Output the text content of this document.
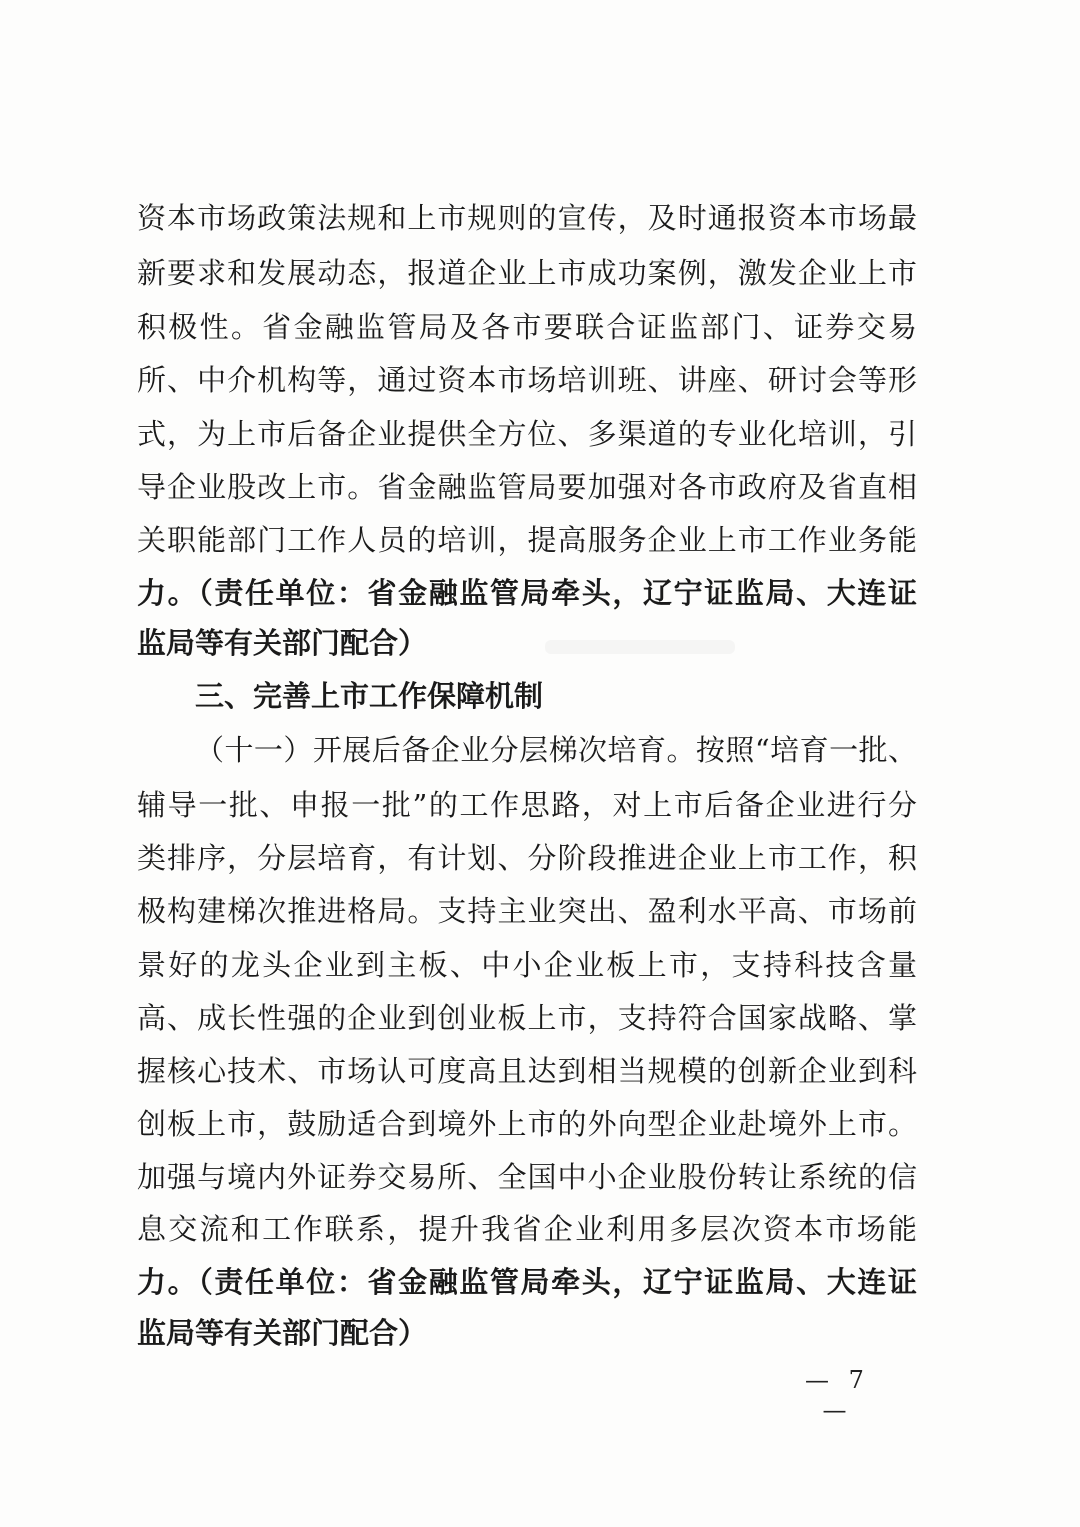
资本市场政策法规和上市规则的宣传，及时通报资本市场最
新要求和发展动态，报道企业上市成功案例，激发企业上市
积极性。省金融监管局及各市要联合证监部门、证券交易
所、中介机构等，通过资本市场培训班、讲座、研讨会等形
式，为上市后备企业提供全方位、多渠道的专业化培训，引
导企业股改上市。省金融监管局要加强对各市政府及省直相
关职能部门工作人员的培训，提高服务企业上市工作业务能
力。（责任单位：省金融监管局牵头，辽宁证监局、大连证
监局等有关部门配合）
三、完善上市工作保障机制
（十一）开展后备企业分层梯次培育。按照“培育一批、
辅导一批、申报一批”的工作思路，对上市后备企业进行分
类排序，分层培育，有计划、分阶段推进企业上市工作，积
极构建梯次推进格局。支持主业突出、盈利水平高、市场前
景好的龙头企业到主板、中小企业板上市，支持科技含量
高、成长性强的企业到创业板上市，支持符合国家战略、掌
握核心技术、市场认可度高且达到相当规模的创新企业到科
创板上市，鼓励适合到境外上市的外向型企业赴境外上市。
加强与境内外证券交易所、全国中小企业股份转让系统的信
息交流和工作联系，提升我省企业利用多层次资本市场能
力。（责任单位：省金融监管局牵头，辽宁证监局、大连证
监局等有关部门配合）
— 7 —
